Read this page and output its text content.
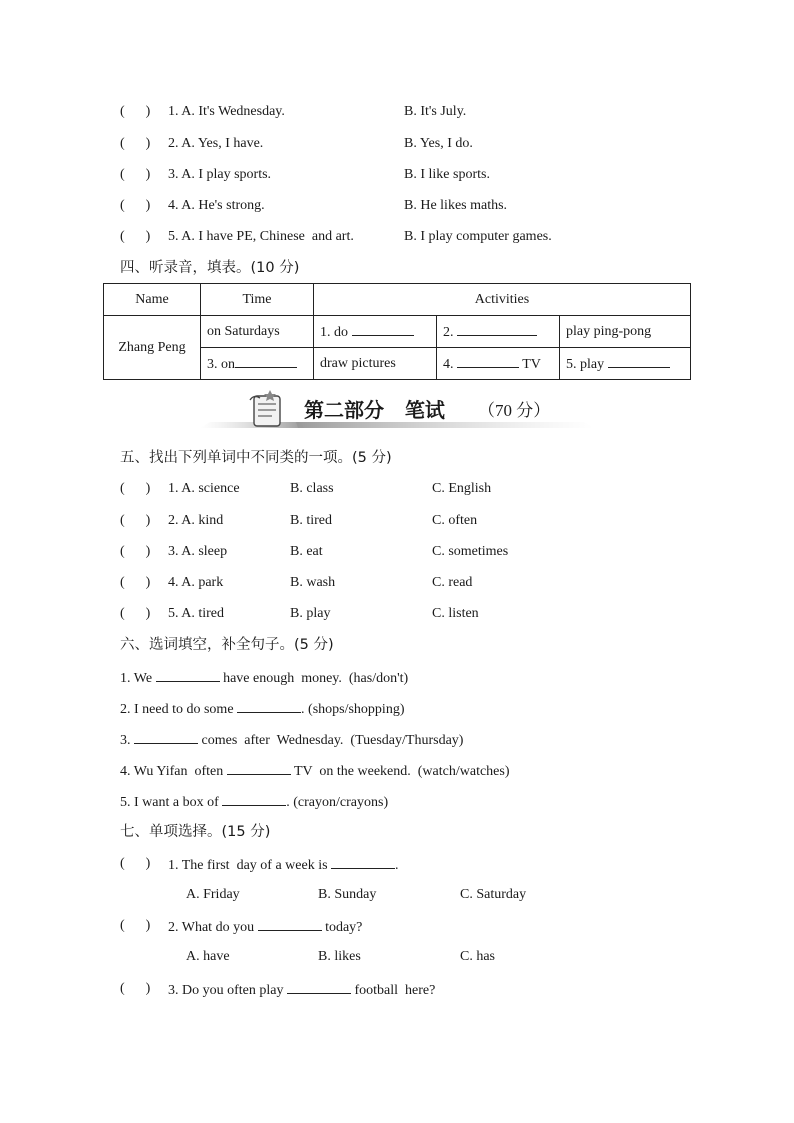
(      ) 1. A. It's Wednesday.	B. It's July.
(      ) 2. A. Yes, I have.	B. Yes, I do.
(      ) 3. A. I play sports.	B. I like sports.
(      ) 4. A. He's strong.	B. He likes maths.
(      ) 5. A. I have PE, Chinese  and art.	B. I play computer games.
四、听录音，填表。(10 分)
Name	Time	Activities		
Zhang Peng	on Saturdays	1. do	2.	play ping-pong
	3. on	draw pictures	4. TV	5. play
第二部分   笔试 （70 分）
五、找出下列单词中不同类的一项。(5 分)
(      ) 1. A. science	B. class	C. English
(      ) 2. A. kind	B. tired	C. often
(      ) 3. A. sleep	B. eat	C. sometimes
(      ) 4. A. park	B. wash	C. read
(      ) 5. A. tired	B. play	C. listen
六、选词填空，补全句子。(5 分)
1. We	have enough  money.  (has/don't)
2. I need to do some	. (shops/shopping)
3.	comes  after  Wednesday.  (Tuesday/Thursday)
4. Wu Yifan  often	TV  on the weekend.  (watch/watches)
5. I want a box of	. (crayon/crayons)
七、单项选择。(15 分)
(      ) 1. The first  day of a week is	.
A. Friday	B. Sunday	C. Saturday
(      ) 2. What do you	today?
A. have	B. likes	C. has
(      ) 3. Do you often play	football  here?
